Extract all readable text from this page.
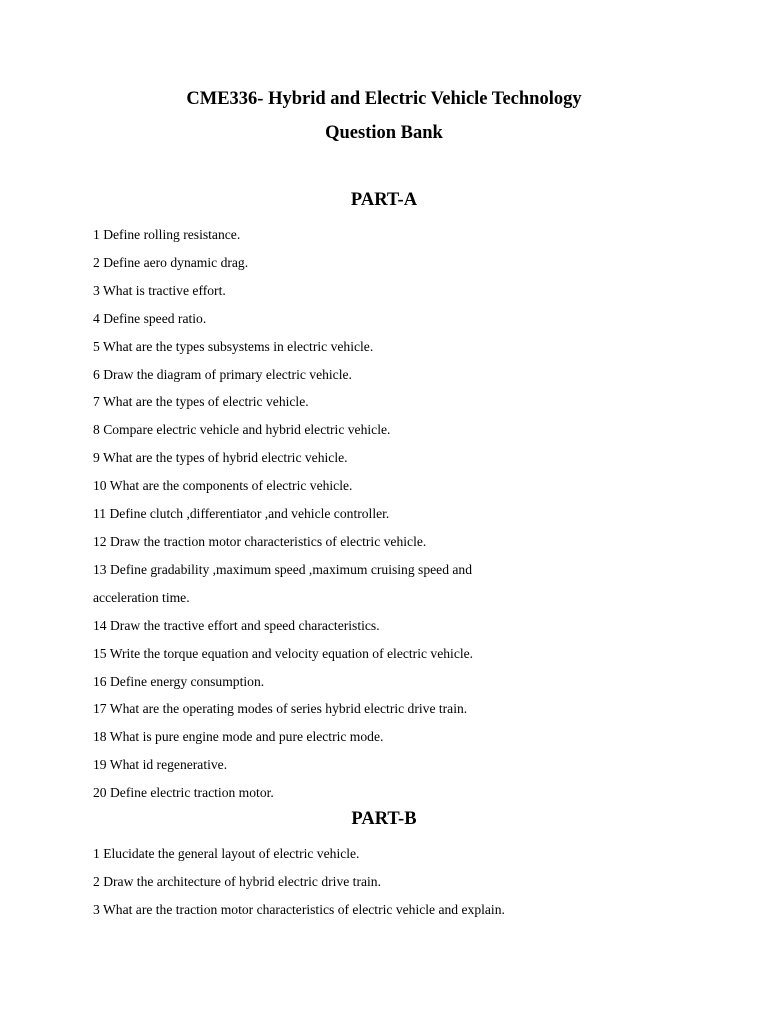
CME336- Hybrid and Electric Vehicle Technology
Question Bank
PART-A
1 Define rolling resistance.
2 Define aero dynamic drag.
3 What is tractive effort.
4 Define speed ratio.
5 What are the types subsystems in electric vehicle.
6 Draw the diagram of primary electric vehicle.
7 What are the types of electric vehicle.
8 Compare electric vehicle and hybrid electric vehicle.
9 What are the types of hybrid electric vehicle.
10 What are the components of electric vehicle.
11 Define clutch ,differentiator ,and vehicle controller.
12 Draw the traction motor characteristics of electric vehicle.
13 Define gradability ,maximum speed ,maximum cruising speed and
acceleration time.
14 Draw the tractive effort and speed characteristics.
15 Write the torque equation and velocity equation of electric vehicle.
16 Define energy consumption.
17 What are the operating modes of series hybrid electric drive train.
18 What is pure engine mode and pure electric mode.
19 What id regenerative.
20 Define electric traction motor.
PART-B
1 Elucidate the general layout of electric vehicle.
2 Draw the architecture of hybrid electric drive train.
3 What are the traction motor characteristics of electric vehicle and explain.
